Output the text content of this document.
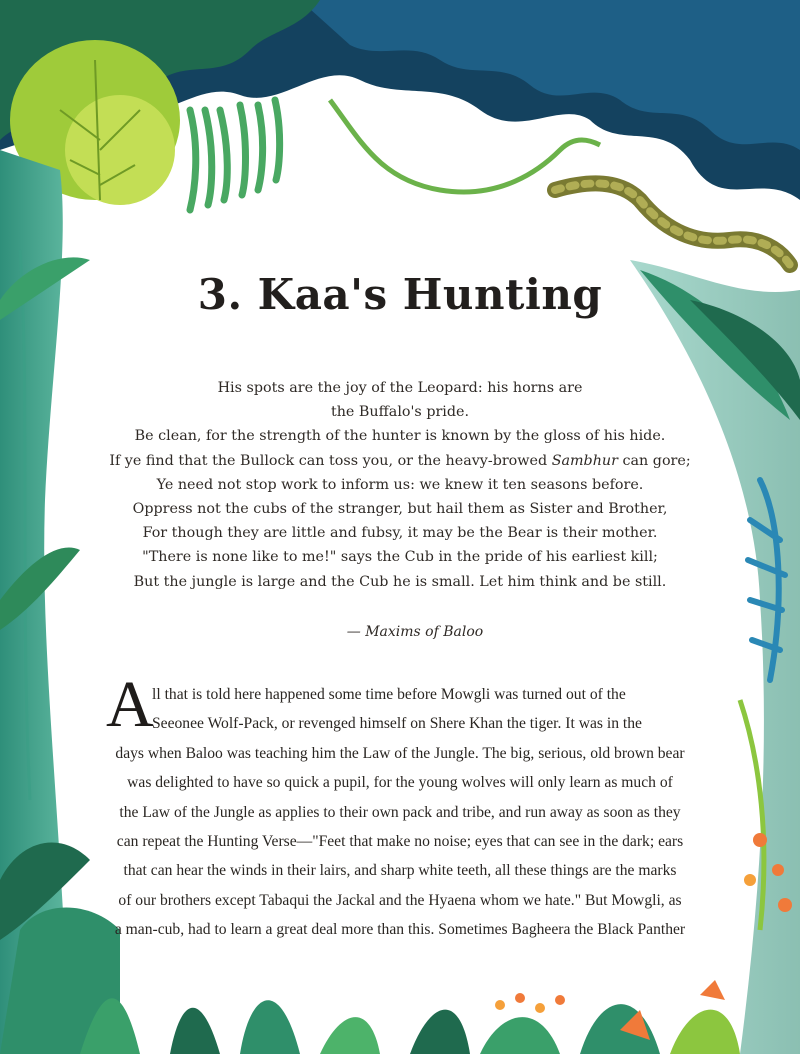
3. Kaa's Hunting
His spots are the joy of the Leopard: his horns are
the Buffalo's pride.
Be clean, for the strength of the hunter is known by the gloss of his hide.
If ye find that the Bullock can toss you, or the heavy-browed Sambhur can gore;
Ye need not stop work to inform us: we knew it ten seasons before.
Oppress not the cubs of the stranger, but hail them as Sister and Brother,
For though they are little and fubsy, it may be the Bear is their mother.
"There is none like to me!" says the Cub in the pride of his earliest kill;
But the jungle is large and the Cub he is small. Let him think and be still.
— Maxims of Baloo
A
ll that is told here happened some time before Mowgli was turned out of the
Seeonee Wolf-Pack, or revenged himself on Shere Khan the tiger. It was in the
days when Baloo was teaching him the Law of the Jungle. The big, serious, old brown bear
was delighted to have so quick a pupil, for the young wolves will only learn as much of
the Law of the Jungle as applies to their own pack and tribe, and run away as soon as they
can repeat the Hunting Verse—"Feet that make no noise; eyes that can see in the dark; ears
that can hear the winds in their lairs, and sharp white teeth, all these things are the marks
of our brothers except Tabaqui the Jackal and the Hyaena whom we hate." But Mowgli, as
a man-cub, had to learn a great deal more than this. Sometimes Bagheera the Black Panther
